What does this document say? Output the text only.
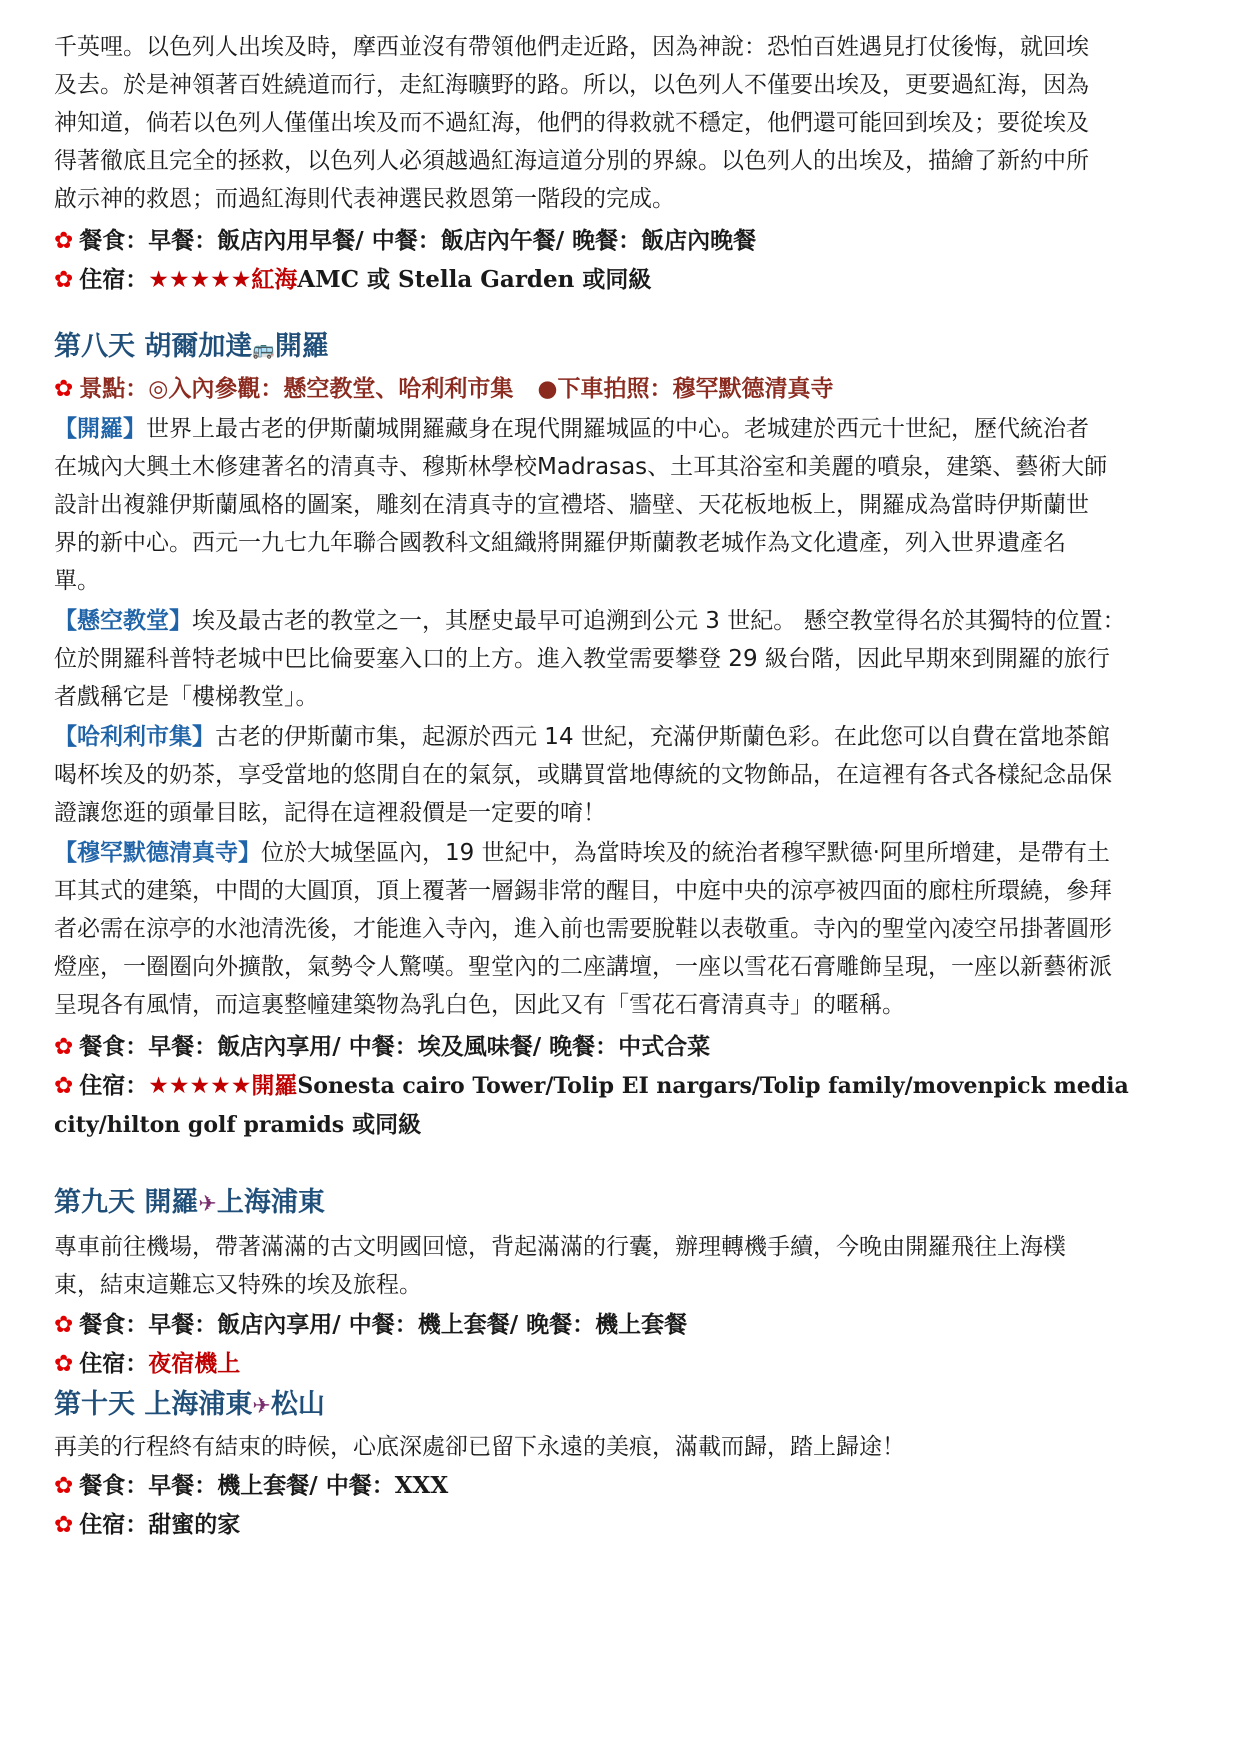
千英哩。以色列人出埃及時，摩西並沒有帶領他們走近路，因為神說：恐怕百姓遇見打仗後悔，就回埃
及去。於是神領著百姓繞道而行，走紅海曠野的路。所以，以色列人不僅要出埃及，更要過紅海，因為
神知道，倘若以色列人僅僅出埃及而不過紅海，他們的得救就不穩定，他們還可能回到埃及；要從埃及
得著徹底且完全的拯救，以色列人必須越過紅海這道分別的界線。以色列人的出埃及，描繪了新約中所
啟示神的救恩；而過紅海則代表神選民救恩第一階段的完成。
✿ 餐食：早餐：飯店內用早餐/ 中餐：飯店內午餐/ 晚餐：飯店內晚餐
✿ 住宿：★★★★★紅海AMC 或 Stella Garden 或同級
第八天 胡爾加達🚌開羅
✿ 景點：◎入內參觀：懸空教堂、哈利利市集 ●下車拍照：穆罕默德清真寺
【開羅】世界上最古老的伊斯蘭城開羅藏身在現代開羅城區的中心。老城建於西元十世紀，歷代統治者
在城內大興土木修建著名的清真寺、穆斯林學校Madrasas、土耳其浴室和美麗的噴泉，建築、藝術大師
設計出複雜伊斯蘭風格的圖案，雕刻在清真寺的宣禮塔、牆壁、天花板地板上，開羅成為當時伊斯蘭世
界的新中心。西元一九七九年聯合國教科文組織將開羅伊斯蘭教老城作為文化遺產，列入世界遺產名
單。
【懸空教堂】埃及最古老的教堂之一，其歷史最早可追溯到公元 3 世紀。 懸空教堂得名於其獨特的位置：
位於開羅科普特老城中巴比倫要塞入口的上方。進入教堂需要攀登 29 級台階，因此早期來到開羅的旅行
者戲稱它是「樓梯教堂」。
【哈利利市集】古老的伊斯蘭市集，起源於西元 14 世紀，充滿伊斯蘭色彩。在此您可以自費在當地茶館
喝杯埃及的奶茶，享受當地的悠閒自在的氣氛，或購買當地傳統的文物飾品，在這裡有各式各樣紀念品保
證讓您逛的頭暈目眩，記得在這裡殺價是一定要的唷！
【穆罕默德清真寺】位於大城堡區內，19 世紀中，為當時埃及的統治者穆罕默德‧阿里所增建，是帶有土
耳其式的建築，中間的大圓頂，頂上覆著一層錫非常的醒目，中庭中央的涼亭被四面的廊柱所環繞，參拜
者必需在涼亭的水池清洗後，才能進入寺內，進入前也需要脫鞋以表敬重。寺內的聖堂內凌空吊掛著圓形
燈座，一圈圈向外擴散，氣勢令人驚嘆。聖堂內的二座講壇，一座以雪花石膏雕飾呈現，一座以新藝術派
呈現各有風情，而這裏整幢建築物為乳白色，因此又有「雪花石膏清真寺」的暱稱。
✿ 餐食：早餐：飯店內享用/ 中餐：埃及風味餐/ 晚餐：中式合菜
✿ 住宿：★★★★★開羅Sonesta cairo Tower/Tolip EI nargars/Tolip family/movenpick media
city/hilton golf pramids 或同級
第九天 開羅✈上海浦東
專車前往機場，帶著滿滿的古文明國回憶，背起滿滿的行囊，辦理轉機手續，今晚由開羅飛往上海樸
東，結束這難忘又特殊的埃及旅程。
✿ 餐食：早餐：飯店內享用/ 中餐：機上套餐/ 晚餐：機上套餐
✿ 住宿：夜宿機上
第十天 上海浦東✈松山
再美的行程終有結束的時候，心底深處卻已留下永遠的美痕，滿載而歸，踏上歸途！
✿ 餐食：早餐：機上套餐/ 中餐：XXX
✿ 住宿：甜蜜的家
